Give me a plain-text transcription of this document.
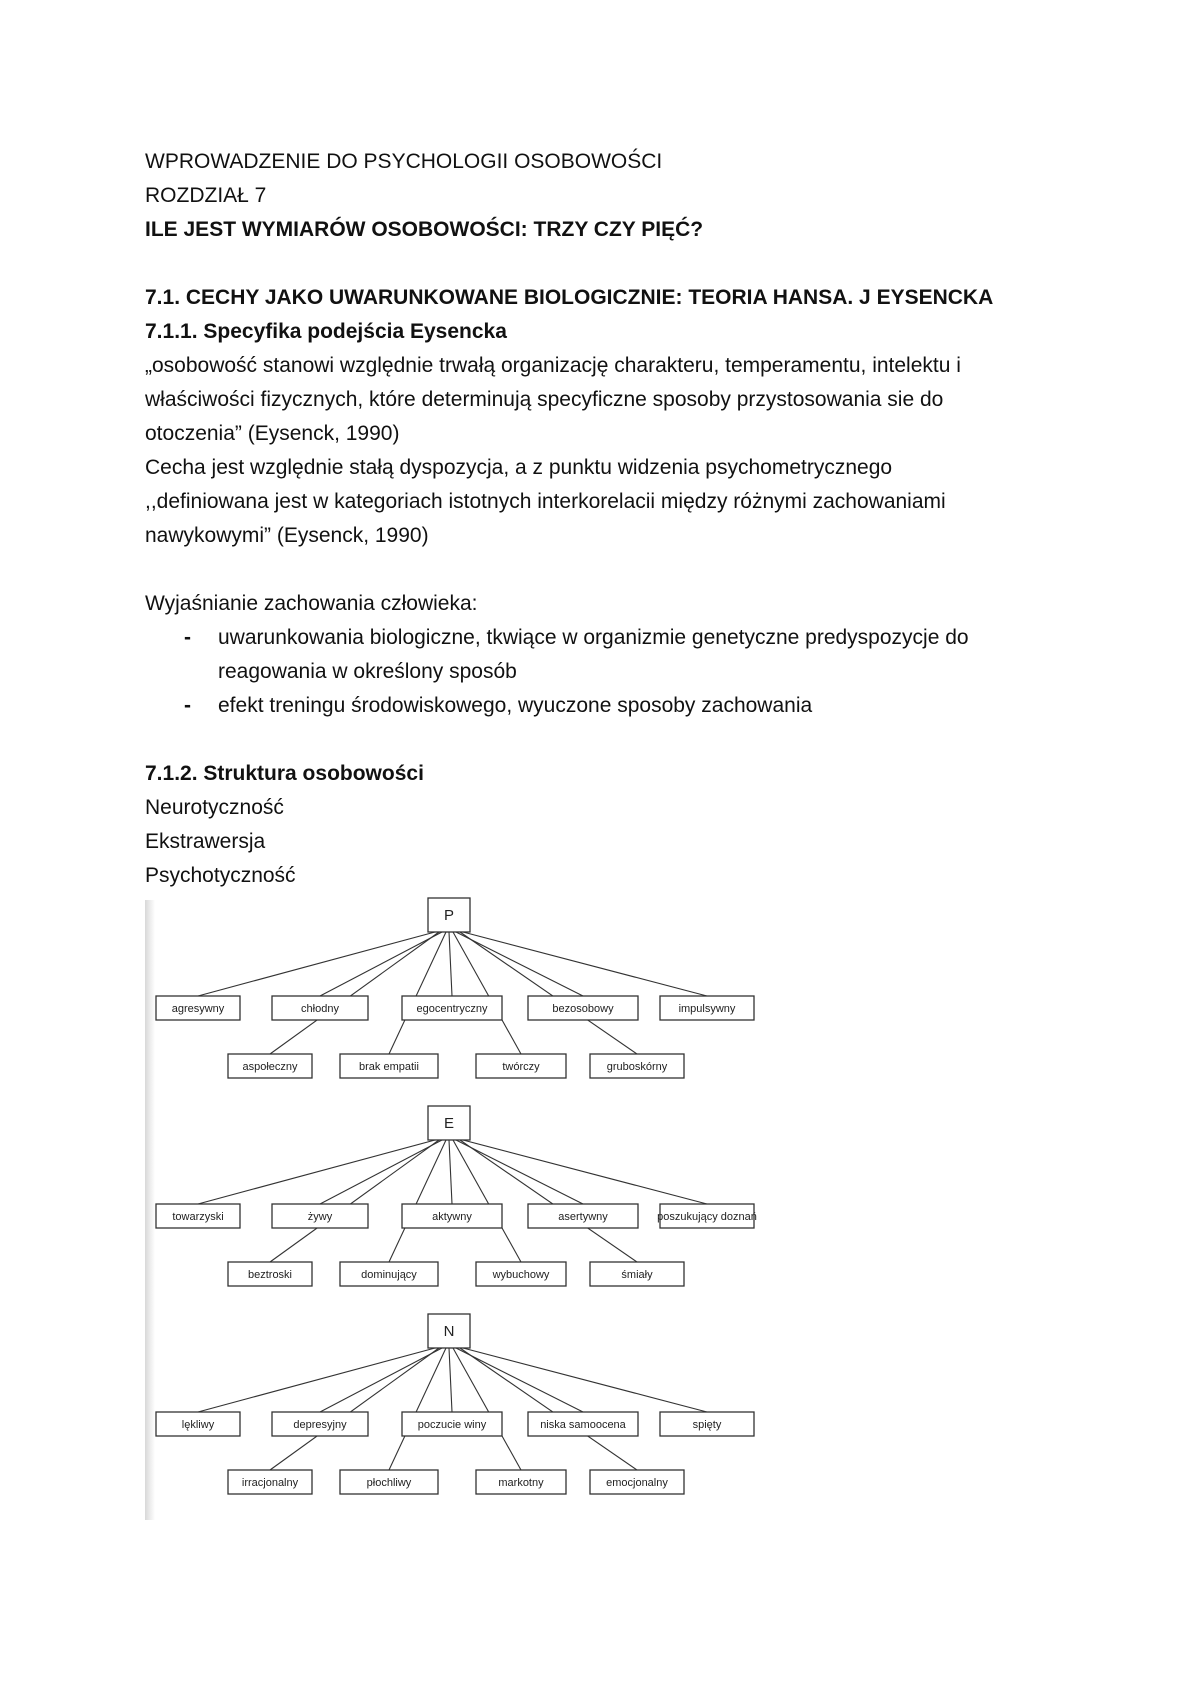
WPROWADZENIE DO PSYCHOLOGII OSOBOWOŚCI
ROZDZIAŁ 7
ILE JEST WYMIARÓW OSOBOWOŚCI: TRZY CZY PIĘĆ?
7.1. CECHY JAKO UWARUNKOWANE BIOLOGICZNIE: TEORIA HANSA. J EYSENCKA
7.1.1. Specyfika podejścia Eysencka
„osobowość stanowi względnie trwałą organizację charakteru, temperamentu, intelektu i
właściwości fizycznych, które determinują specyficzne sposoby przystosowania sie do
otoczenia” (Eysenck, 1990)
Cecha jest względnie stałą dyspozycja, a z punktu widzenia psychometrycznego
,,definiowana jest w kategoriach istotnych interkorelacii między różnymi zachowaniami
nawykowymi” (Eysenck, 1990)
Wyjaśnianie zachowania człowieka:
- uwarunkowania biologiczne, tkwiące w organizmie genetyczne predyspozycje do
reagowania w określony sposób
- efekt treningu środowiskowego, wyuczone sposoby zachowania
7.1.2. Struktura osobowości
Neurotyczność
Ekstrawersja
Psychotyczność
P
agresywny	chłodny	egocentryczny	bezosobowy	impulsywny
aspołeczny	brak empatii	twórczy	gruboskórny
E
towarzyski	żywy	aktywny	asertywny	poszukujący doznań
beztroski	dominujący	wybuchowy	śmiały
N
lękliwy	depresyjny	poczucie winy	niska samoocena	spięty
irracjonalny	płochliwy	markotny	emocjonalny
